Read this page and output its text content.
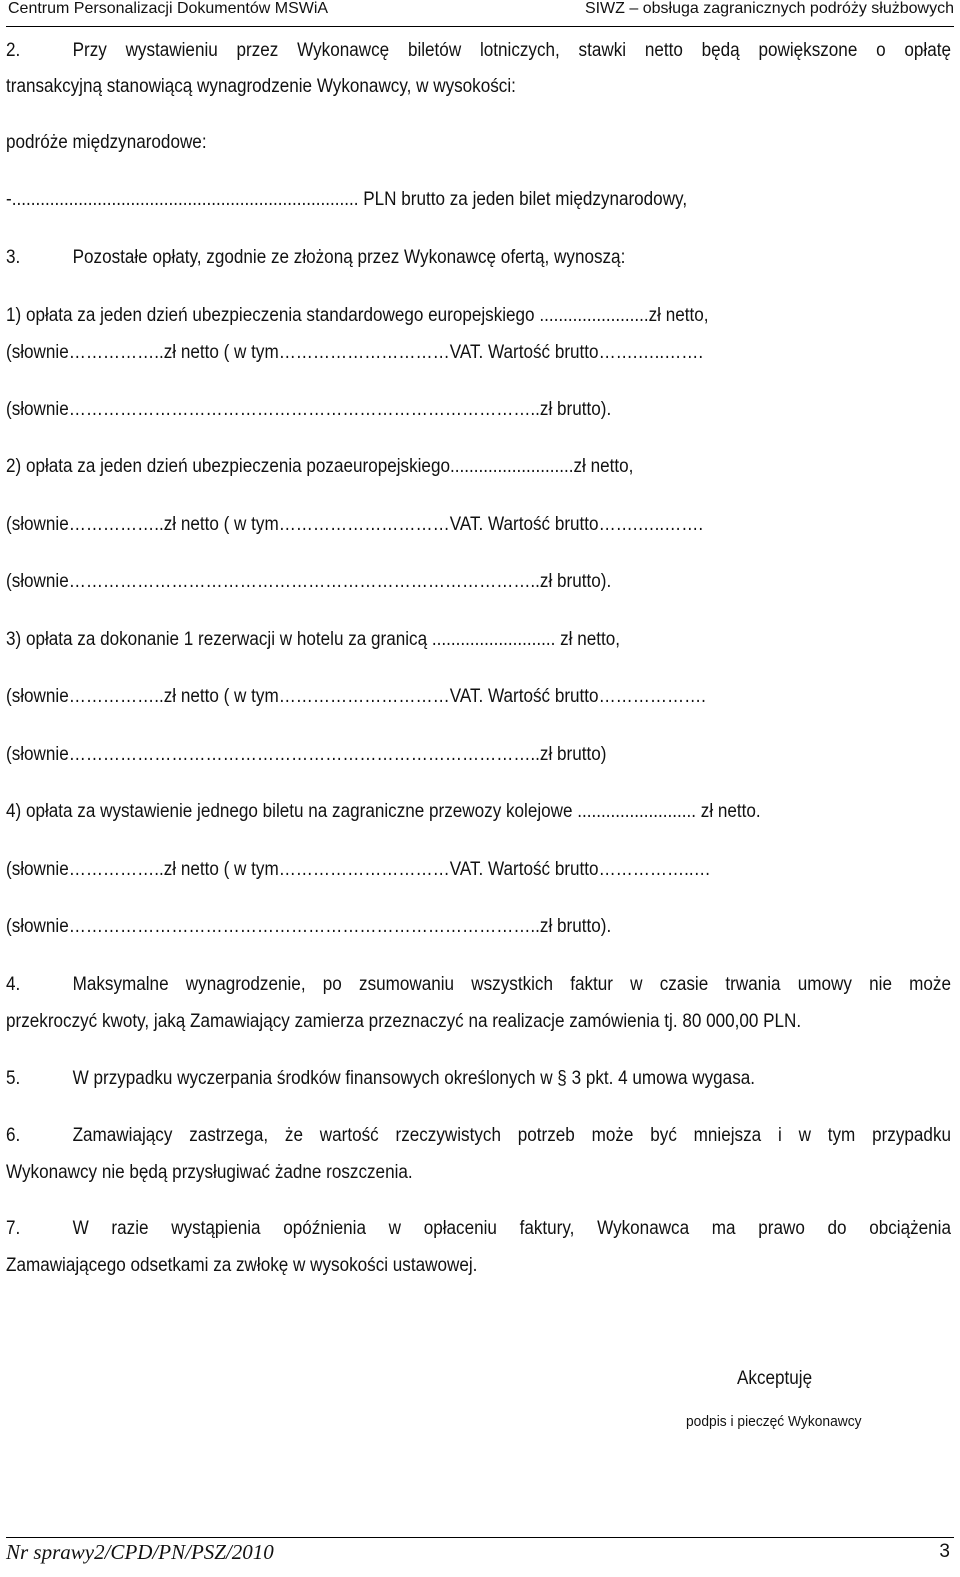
Centrum Personalizacji Dokumentów MSWiA	SIWZ – obsługa zagranicznych podróży służbowych
2.	Przy wystawieniu przez Wykonawcę biletów lotniczych, stawki netto będą powiększone o opłatę
transakcyjną stanowiącą wynagrodzenie Wykonawcy, w wysokości:
podróże międzynarodowe:
-......................................................................... PLN brutto za jeden bilet międzynarodowy,
3.	Pozostałe opłaty, zgodnie ze złożoną przez Wykonawcę ofertą, wynoszą:
1) opłata za jeden dzień ubezpieczenia standardowego europejskiego .......................zł netto,
(słownie……………..zł netto ( w tym…………………………VAT. Wartość brutto…….…..…….
(słownie………………………………………………………………………..zł brutto).
2) opłata za jeden dzień ubezpieczenia pozaeuropejskiego..........................zł netto,
(słownie……………..zł netto ( w tym…………………………VAT. Wartość brutto…….…..…….
(słownie………………………………………………………………………..zł brutto).
3) opłata za dokonanie 1 rezerwacji w hotelu za granicą .......................... zł netto,
(słownie……………..zł netto ( w tym…………………………VAT. Wartość brutto……………….
(słownie………………………………………………………………………..zł brutto)
4) opłata za wystawienie jednego biletu na zagraniczne przewozy kolejowe ......................... zł netto.
(słownie……………..zł netto ( w tym…………………………VAT. Wartość brutto……………..…
(słownie………………………………………………………………………..zł brutto).
4.	Maksymalne wynagrodzenie, po zsumowaniu wszystkich faktur w czasie trwania umowy nie może
przekroczyć kwoty, jaką Zamawiający zamierza przeznaczyć na realizacje zamówienia tj. 80 000,00 PLN.
5.	W przypadku wyczerpania środków finansowych określonych w § 3 pkt. 4 umowa wygasa.
6.	Zamawiający zastrzega, że wartość rzeczywistych potrzeb może być mniejsza i w tym przypadku
Wykonawcy nie będą przysługiwać żadne roszczenia.
7.	W razie wystąpienia opóźnienia w opłaceniu faktury, Wykonawca ma prawo do obciążenia
Zamawiającego odsetkami za zwłokę w wysokości ustawowej.
Akceptuję
podpis i pieczęć Wykonawcy
Nr sprawy2/CPD/PN/PSZ/2010	3
